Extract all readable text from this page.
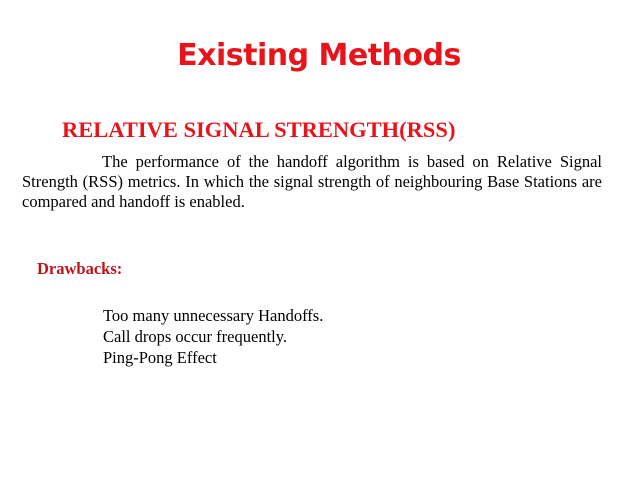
Existing Methods
RELATIVE SIGNAL STRENGTH(RSS)
The performance of the handoff algorithm is based on Relative Signal Strength (RSS) metrics. In which the signal strength of neighbouring Base Stations are compared and handoff is enabled.
Drawbacks:
Too many unnecessary Handoffs.
Call drops occur frequently.
Ping-Pong Effect
